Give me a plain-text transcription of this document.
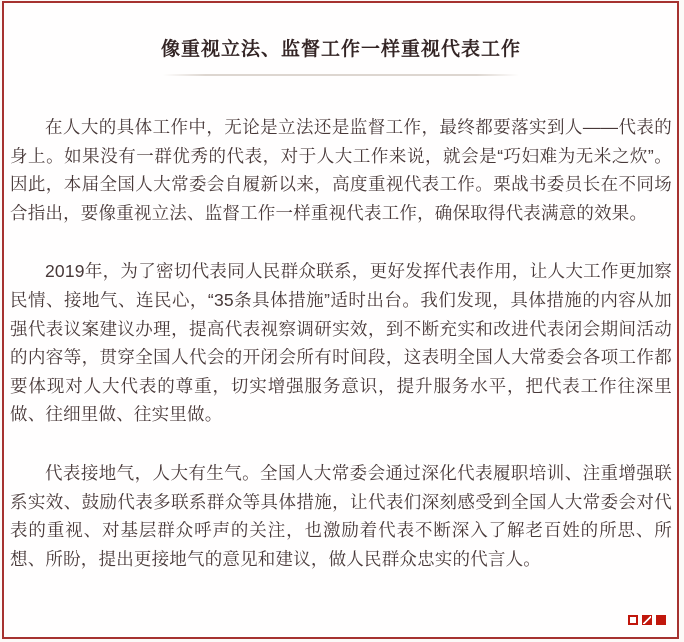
像重视立法、监督工作一样重视代表工作

在人大的具体工作中，无论是立法还是监督工作，最终都要落实到人——代表的身上。如果没有一群优秀的代表，对于人大工作来说，就会是“巧妇难为无米之炊”。因此，本届全国人大常委会自履新以来，高度重视代表工作。栗战书委员长在不同场合指出，要像重视立法、监督工作一样重视代表工作，确保取得代表满意的效果。

2019年，为了密切代表同人民群众联系，更好发挥代表作用，让人大工作更加察民情、接地气、连民心，“35条具体措施”适时出台。我们发现，具体措施的内容从加强代表议案建议办理，提高代表视察调研实效，到不断充实和改进代表闭会期间活动的内容等，贯穿全国人代会的开闭会所有时间段，这表明全国人大常委会各项工作都要体现对人大代表的尊重，切实增强服务意识，提升服务水平，把代表工作往深里做、往细里做、往实里做。

代表接地气，人大有生气。全国人大常委会通过深化代表履职培训、注重增强联系实效、鼓励代表多联系群众等具体措施，让代表们深刻感受到全国人大常委会对代表的重视、对基层群众呼声的关注，也激励着代表不断深入了解老百姓的所思、所想、所盼，提出更接地气的意见和建议，做人民群众忠实的代言人。
